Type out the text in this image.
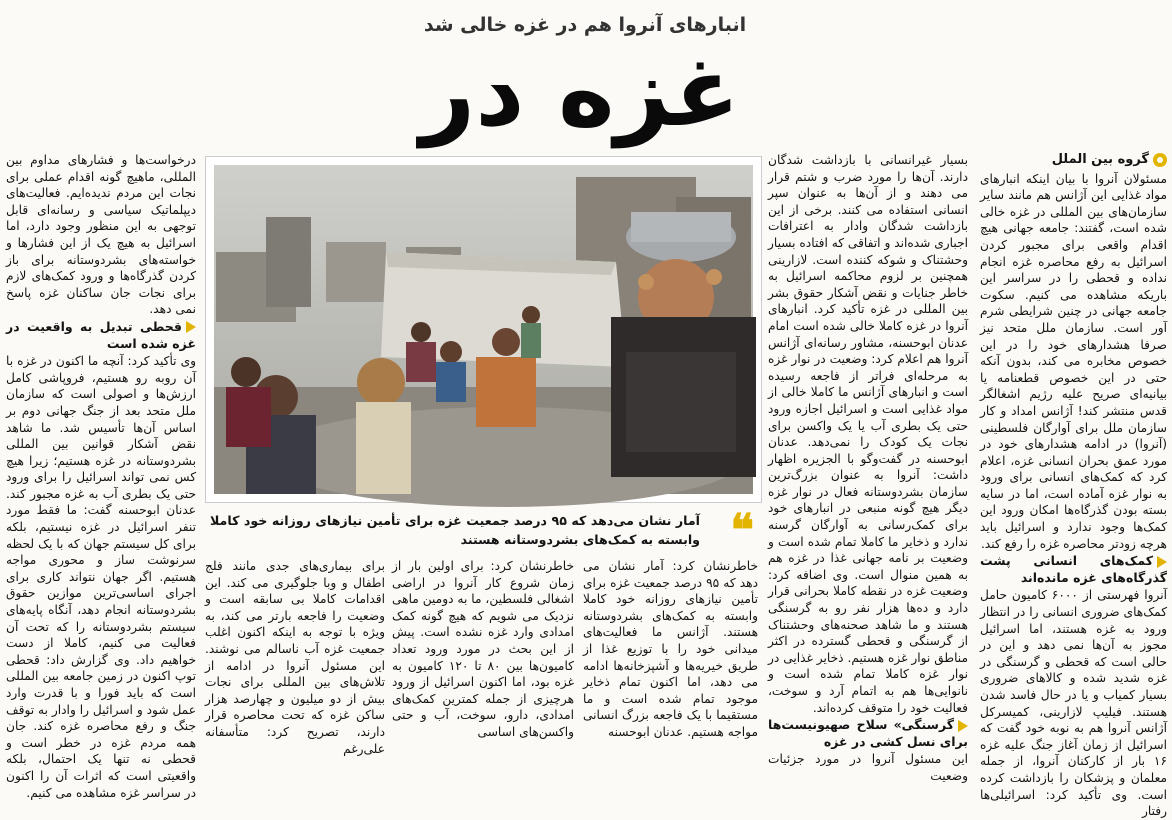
انبارهای آنروا هم در غزه خالی شد
غزه در
گروه بین الملل

مسئولان آنروا با بیان اینکه انبارهای مواد غذایی این آژانس هم مانند سایر سازمان‌های بین المللی در غزه خالی شده است، گفتند: جامعه جهانی هیچ اقدام واقعی برای مجبور کردن اسرائیل به رفع محاصره غزه انجام نداده و قحطی را در سراسر این باریکه مشاهده می کنیم. سکوت جامعه جهانی در چنین شرایطی شرم آور است. سازمان ملل متحد نیز صرفا هشدارهای خود را در این خصوص مخابره می کند، بدون آنکه حتی در این خصوص قطعنامه یا بیانیه‌ای صریح علیه رژیم اشغالگر قدس منتشر کند! آژانس امداد و کار سازمان ملل برای آوارگان فلسطینی (آنروا) در ادامه هشدارهای خود در مورد عمق بحران انسانی غزه، اعلام کرد که کمک‌های انسانی برای ورود به نوار غزه آماده است، اما در سایه بسته بودن گذرگاه‌ها امکان ورود این کمک‌ها وجود ندارد و اسرائیل باید هرچه زودتر محاصره غزه را رفع کند.

کمک‌های انسانی پشت گذرگاه‌های غزه مانده‌اند

آنروا فهرستی از ۶۰۰۰ کامیون حامل کمک‌های ضروری انسانی را در انتظار ورود به غزه هستند، اما اسرائیل مجوز به آن‌ها نمی دهد و این در حالی است که قحطی و گرسنگی در غزه شدید شده و کالاهای ضروری بسیار کمیاب و یا در حال فاسد شدن هستند. فیلیپ لازارینی، کمیسرکل آژانس آنروا هم به نوبه خود گفت که اسرائیل از زمان آغاز جنگ علیه غزه ۱۶ بار از کارکنان آنروا، از جمله معلمان و پزشکان را بازداشت کرده است. وی تأکید کرد: اسرائیلی‌ها رفتار

بسیار غیرانسانی با بازداشت شدگان دارند. آن‌ها را مورد ضرب و شتم قرار می دهند و از آن‌ها به عنوان سپر انسانی استفاده می کنند. برخی از این بازداشت شدگان وادار به اعترافات اجباری شده‌اند و اتفاقی که افتاده بسیار وحشتناک و شوکه کننده است. لازارینی همچنین بر لزوم محاکمه اسرائیل به خاطر جنایات و نقض آشکار حقوق بشر بین المللی در غزه تأکید کرد. انبارهای آنروا در غزه کاملا خالی شده است امام عدنان ابوحسنه، مشاور رسانه‌ای آژانس آنروا هم اعلام کرد: وضعیت در نوار غزه به مرحله‌ای فراتر از فاجعه رسیده است و انبارهای آژانس ما کاملا خالی از مواد غذایی است و اسرائیل اجازه ورود حتی یک بطری آب یا یک واکسن برای نجات یک کودک را نمی‌دهد. عدنان ابوحسنه در گفت‌وگو با الجزیره اظهار داشت: آنروا به عنوان بزرگ‌ترین سازمان بشردوستانه فعال در نوار غزه دیگر هیچ گونه منبعی در انبارهای خود برای کمک‌رسانی به آوارگان گرسنه ندارد و ذخایر ما کاملا تمام شده است و وضعیت بر نامه جهانی غذا در غزه هم به همین منوال است. وی اضافه کرد: وضعیت غزه در نقطه کاملا بحرانی قرار دارد و ده‌ها هزار نفر رو به گرسنگی هستند و ما شاهد صحنه‌های وحشتناک از گرسنگی و قحطی گسترده در اکثر مناطق نوار غزه هستیم. ذخایر غذایی در نوار غزه کاملا تمام شده است و نانوایی‌ها هم به اتمام آرد و سوخت، فعالیت خود را متوقف کرده‌اند.

گرسنگی» سلاح صهیونیست‌ها برای نسل کشی در غزه

این مسئول آنروا در مورد جزئیات وضعیت

درخواست‌ها و فشارهای مداوم بین المللی، ماهیچ گونه اقدام عملی برای نجات این مردم ندیده‌ایم. فعالیت‌های دیپلماتیک سیاسی و رسانه‌ای قابل توجهی به این منظور وجود دارد، اما اسرائیل به هیچ یک از این فشارها و خواسته‌های بشردوستانه برای باز کردن گذرگاه‌ها و ورود کمک‌های لازم برای نجات جان ساکنان غزه پاسخ نمی دهد.

قحطی تبدیل به واقعیت در غزه شده است

وی تأکید کرد: آنچه ما اکنون در غزه با آن روبه رو هستیم، فروپاشی کامل ارزش‌ها و اصولی است که سازمان ملل متحد بعد از جنگ جهانی دوم بر اساس آن‌ها تأسیس شد. ما شاهد نقض آشکار قوانین بین المللی بشردوستانه در غزه هستیم؛ زیرا هیچ کس نمی تواند اسرائیل را برای ورود حتی یک بطری آب به غزه مجبور کند. عدنان ابوحسنه گفت: ما فقط مورد تنفر اسرائیل در غزه نیستیم، بلکه برای کل سیستم جهان که با یک لحظه سرنوشت ساز و محوری مواجه هستیم. اگر جهان نتواند کاری برای اجرای اساسی‌ترین موازین حقوق بشردوستانه انجام دهد، آنگاه پایه‌های سیستم بشردوستانه را که تحت آن فعالیت می کنیم، کاملا از دست خواهیم داد. وی گزارش داد: قحطی توپ اکنون در زمین جامعه بین المللی است که باید فورا و با قدرت وارد عمل شود و اسرائیل را وادار به توقف جنگ و رفع محاصره غزه کند. جان همه مردم غزه در خطر است و قحطی نه تنها یک احتمال، بلکه واقعیتی است که اثرات آن را اکنون در سراسر غزه مشاهده می کنیم.

❝
آمار نشان می‌دهد که ۹۵ درصد جمعیت غزه برای تأمین نیازهای روزانه خود کاملا وابسته به کمک‌های بشردوستانه هستند

خاطرنشان کرد: آمار نشان می دهد که ۹۵ درصد جمعیت غزه برای تأمین نیازهای روزانه خود کاملا وابسته به کمک‌های بشردوستانه هستند. آژانس ما فعالیت‌های میدانی خود را با توزیع غذا از طریق خیریه‌ها و آشپزخانه‌ها ادامه می دهد، اما اکنون تمام ذخایر موجود تمام شده است و ما مستقیما با یک فاجعه بزرگ انسانی مواجه هستیم. عدنان ابوحسنه

خاطرنشان کرد: برای اولین بار از زمان شروع کار آنروا در اراضی اشغالی فلسطین، ما به دومین ماهی نزدیک می شویم که هیچ گونه کمک امدادی وارد غزه نشده است. پیش از این بحث در مورد ورود تعداد کامیون‌ها بین ۸۰ تا ۱۲۰ کامیون به غزه بود، اما اکنون اسرائیل از ورود هرچیزی از جمله کمترین کمک‌های امدادی، دارو، سوخت، آب و حتی واکسن‌های اساسی

برای بیماری‌های جدی مانند فلج اطفال و وبا جلوگیری می کند. این اقدامات کاملا بی سابقه است و وضعیت را فاجعه بارتر می کند، به ویژه با توجه به اینکه اکنون اغلب جمعیت غزه آب ناسالم می نوشند. این مسئول آنروا در ادامه از تلاش‌های بین المللی برای نجات بیش از دو میلیون و چهارصد هزار ساکن غزه که تحت محاصره قرار دارند، تصریح کرد: متأسفانه علی‌رغم
